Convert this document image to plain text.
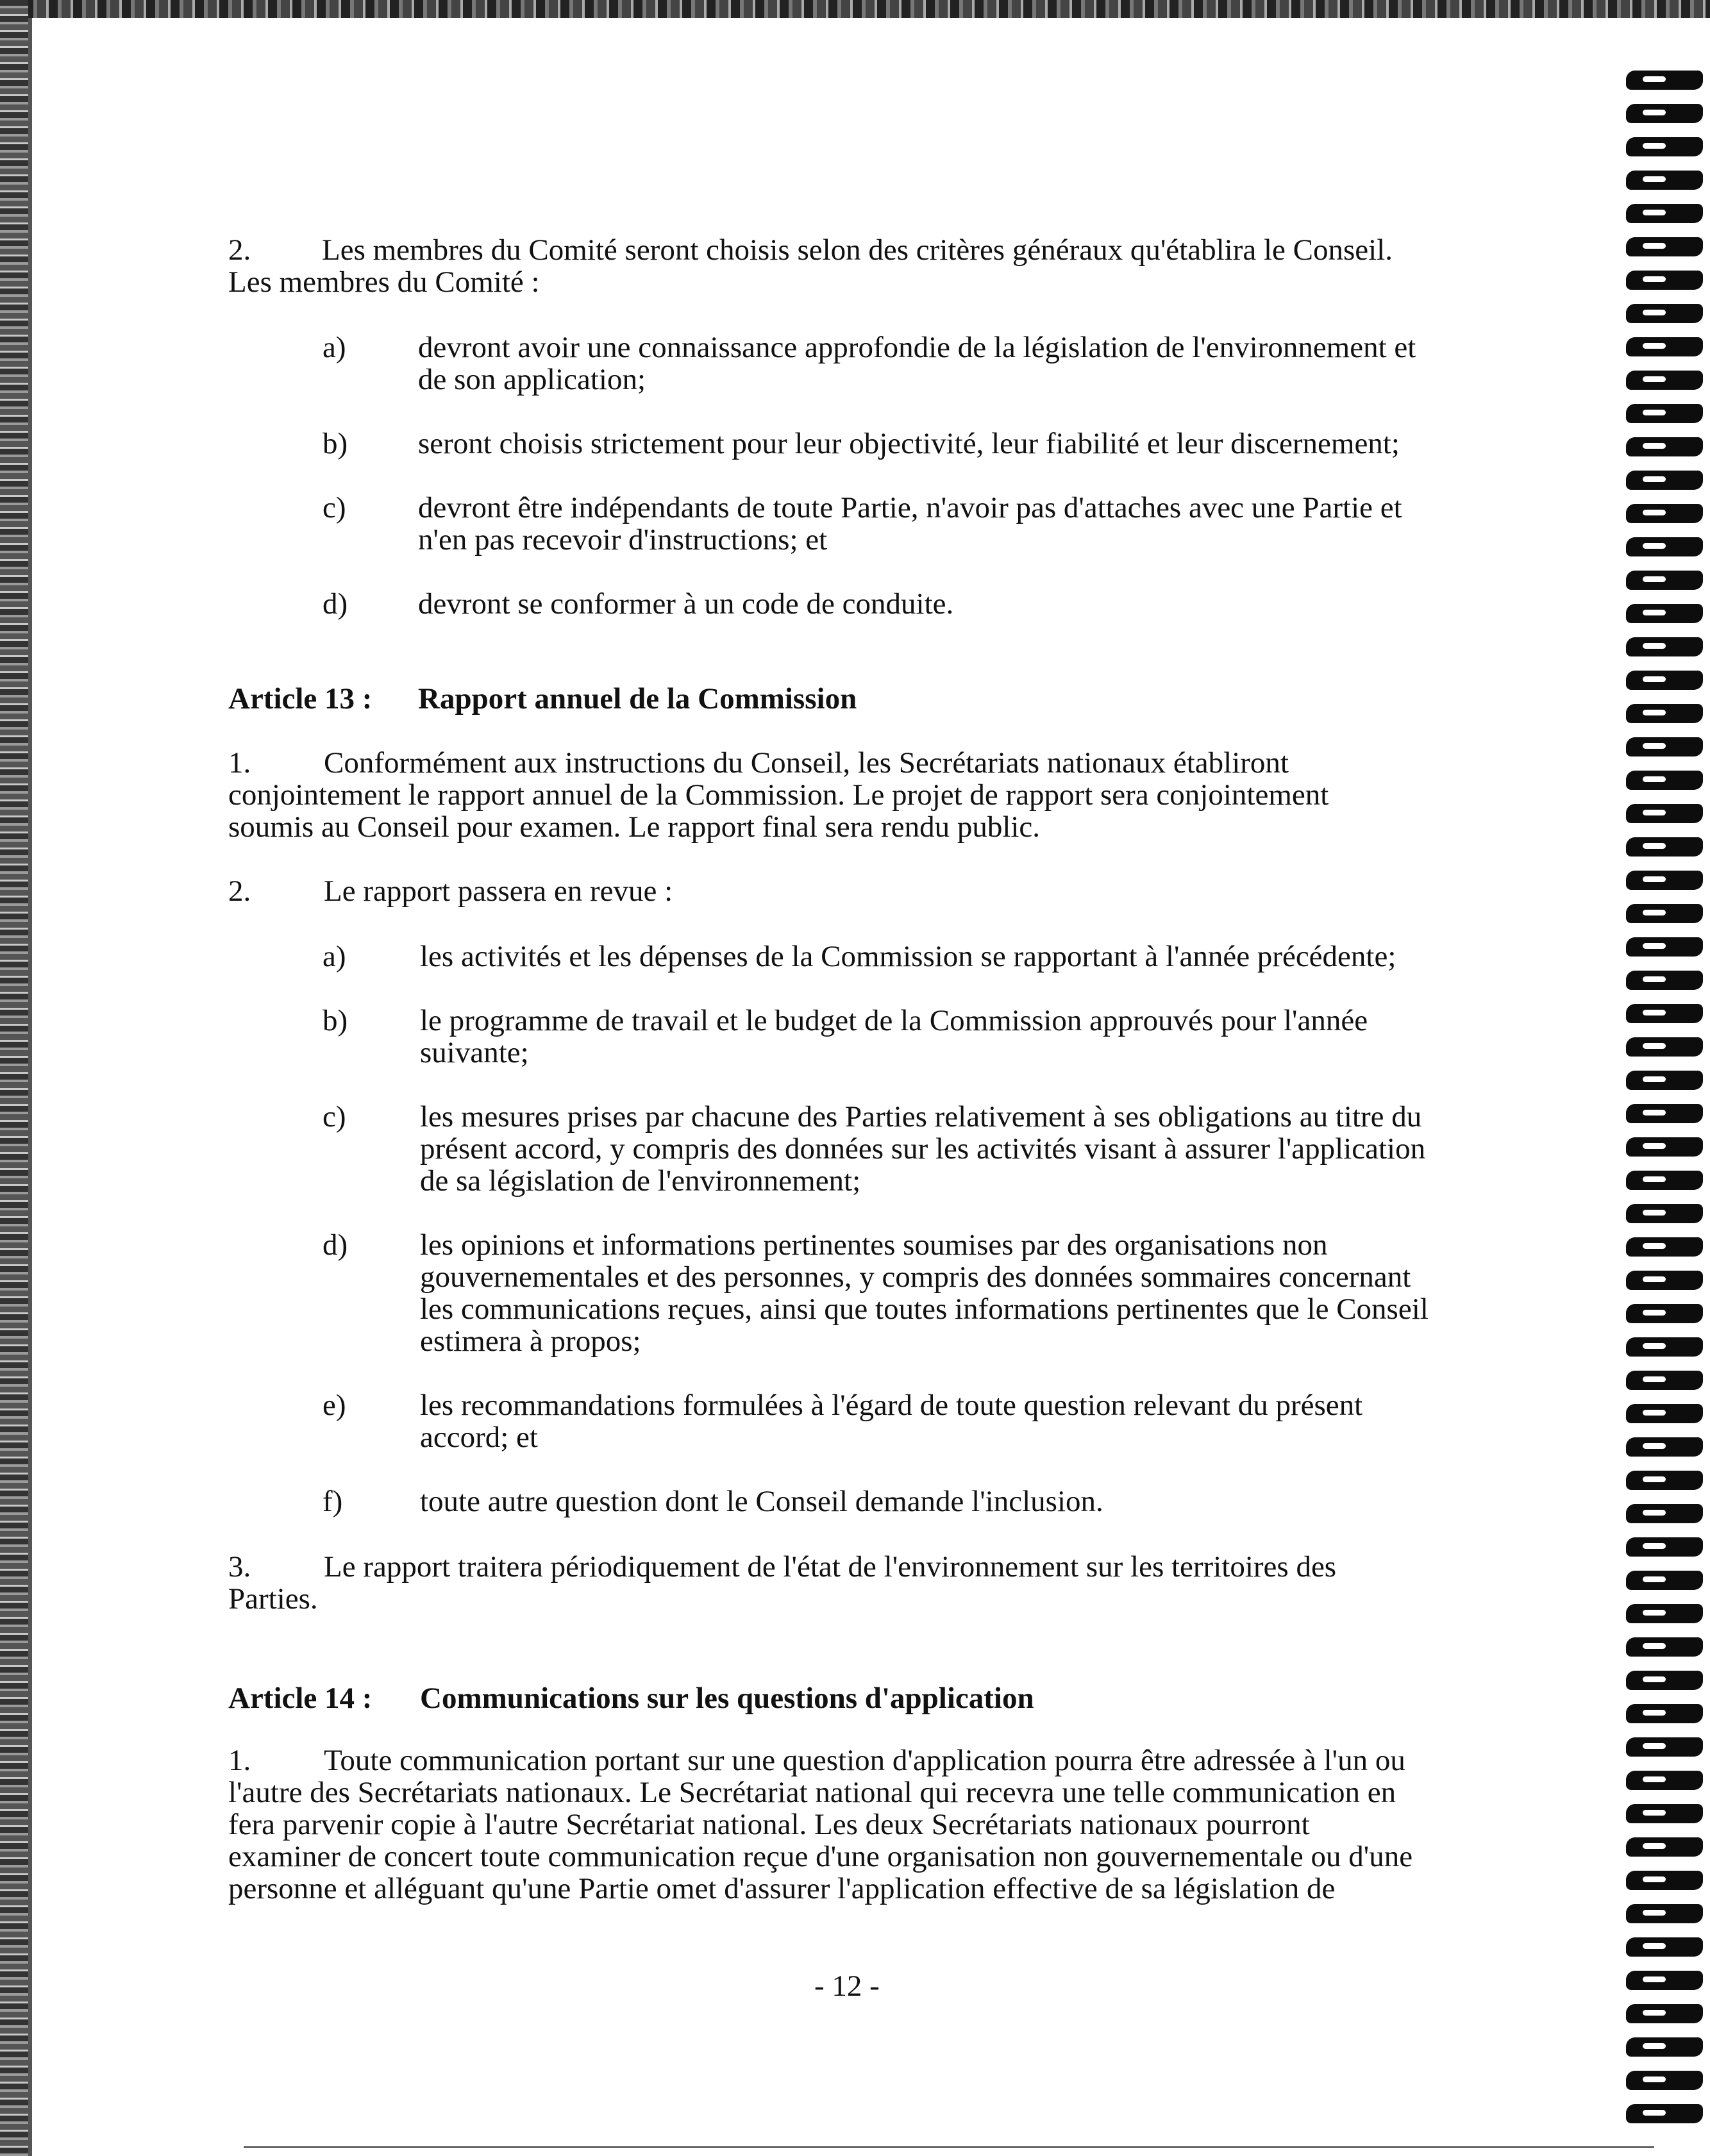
2. Les membres du Comité seront choisis selon des critères généraux qu'établira le Conseil.
Les membres du Comité :
a) devront avoir une connaissance approfondie de la législation de l'environnement et
de son application;
b) seront choisis strictement pour leur objectivité, leur fiabilité et leur discernement;
c) devront être indépendants de toute Partie, n'avoir pas d'attaches avec une Partie et
n'en pas recevoir d'instructions; et
d) devront se conformer à un code de conduite.
Article 13 : Rapport annuel de la Commission
1. Conformément aux instructions du Conseil, les Secrétariats nationaux établiront
conjointement le rapport annuel de la Commission. Le projet de rapport sera conjointement
soumis au Conseil pour examen. Le rapport final sera rendu public.
2. Le rapport passera en revue :
a) les activités et les dépenses de la Commission se rapportant à l'année précédente;
b) le programme de travail et le budget de la Commission approuvés pour l'année
suivante;
c) les mesures prises par chacune des Parties relativement à ses obligations au titre du
présent accord, y compris des données sur les activités visant à assurer l'application
de sa législation de l'environnement;
d) les opinions et informations pertinentes soumises par des organisations non
gouvernementales et des personnes, y compris des données sommaires concernant
les communications reçues, ainsi que toutes informations pertinentes que le Conseil
estimera à propos;
e) les recommandations formulées à l'égard de toute question relevant du présent
accord; et
f)	toute autre question dont le Conseil demande l'inclusion.
3. Le rapport traitera périodiquement de l'état de l'environnement sur les territoires des
Parties.
Article 14 : Communications sur les questions d'application
1. Toute communication portant sur une question d'application pourra être adressée à l'un ou
l'autre des Secrétariats nationaux. Le Secrétariat national qui recevra une telle communication en
fera parvenir copie à l'autre Secrétariat national. Les deux Secrétariats nationaux pourront
examiner de concert toute communication reçue d'une organisation non gouvernementale ou d'une
personne et alléguant qu'une Partie omet d'assurer l'application effective de sa législation de
- 12 -
